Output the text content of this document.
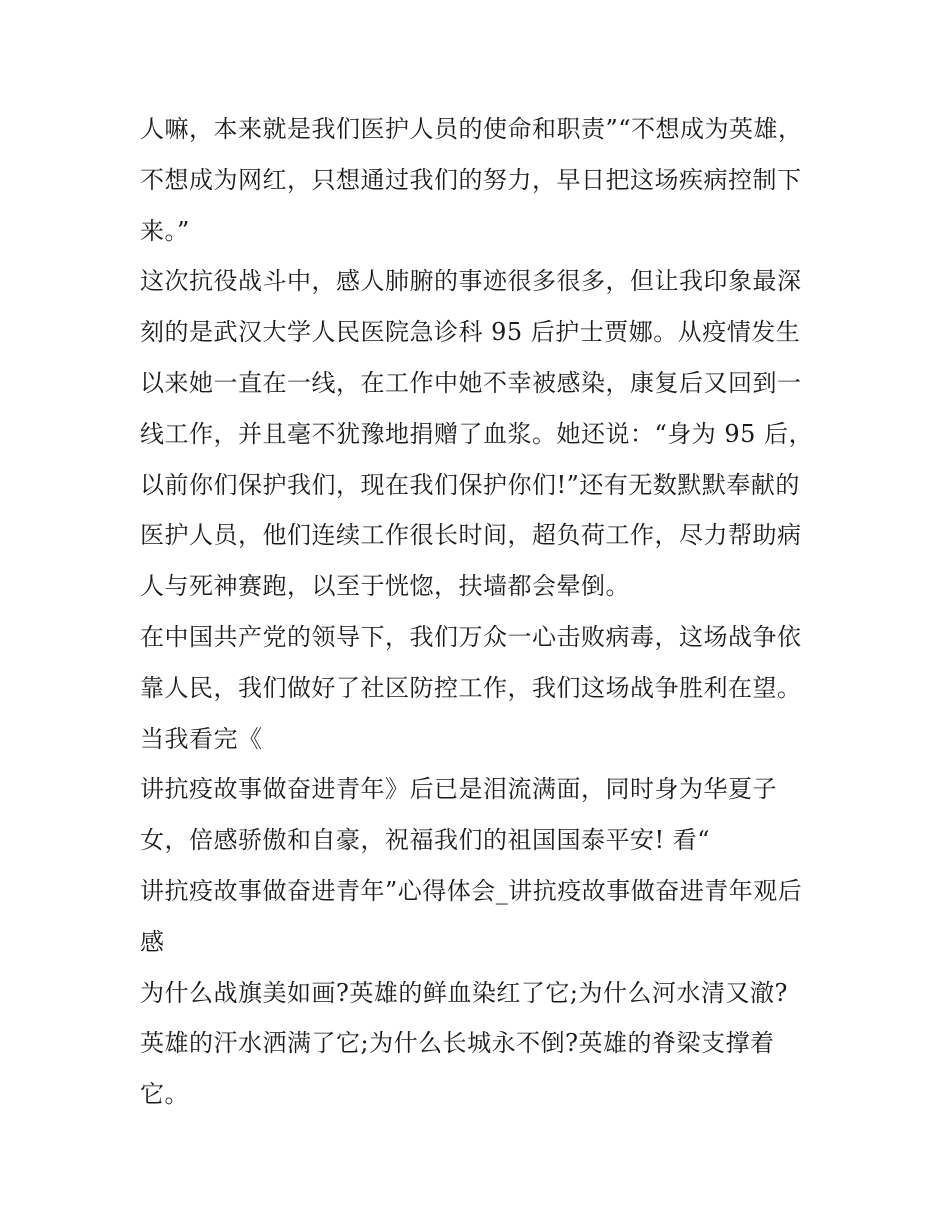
人嘛，本来就是我们医护人员的使命和职责”“不想成为英雄，
不想成为网红，只想通过我们的努力，早日把这场疾病控制下
来。”
这次抗役战斗中，感人肺腑的事迹很多很多，但让我印象最深
刻的是武汉大学人民医院急诊科 95 后护士贾娜。从疫情发生
以来她一直在一线，在工作中她不幸被感染，康复后又回到一
线工作，并且毫不犹豫地捐赠了血浆。她还说：“身为 95 后，
以前你们保护我们，现在我们保护你们!”还有无数默默奉献的
医护人员，他们连续工作很长时间，超负荷工作，尽力帮助病
人与死神赛跑，以至于恍惚，扶墙都会晕倒。
在中国共产党的领导下，我们万众一心击败病毒，这场战争依
靠人民，我们做好了社区防控工作，我们这场战争胜利在望。
当我看完《
讲抗疫故事做奋进青年》后已是泪流满面，同时身为华夏子
女，倍感骄傲和自豪，祝福我们的祖国国泰平安! 看“
讲抗疫故事做奋进青年”心得体会_讲抗疫故事做奋进青年观后
感
为什么战旗美如画?英雄的鲜血染红了它;为什么河水清又澈?
英雄的汗水洒满了它;为什么长城永不倒?英雄的脊梁支撑着
它。
